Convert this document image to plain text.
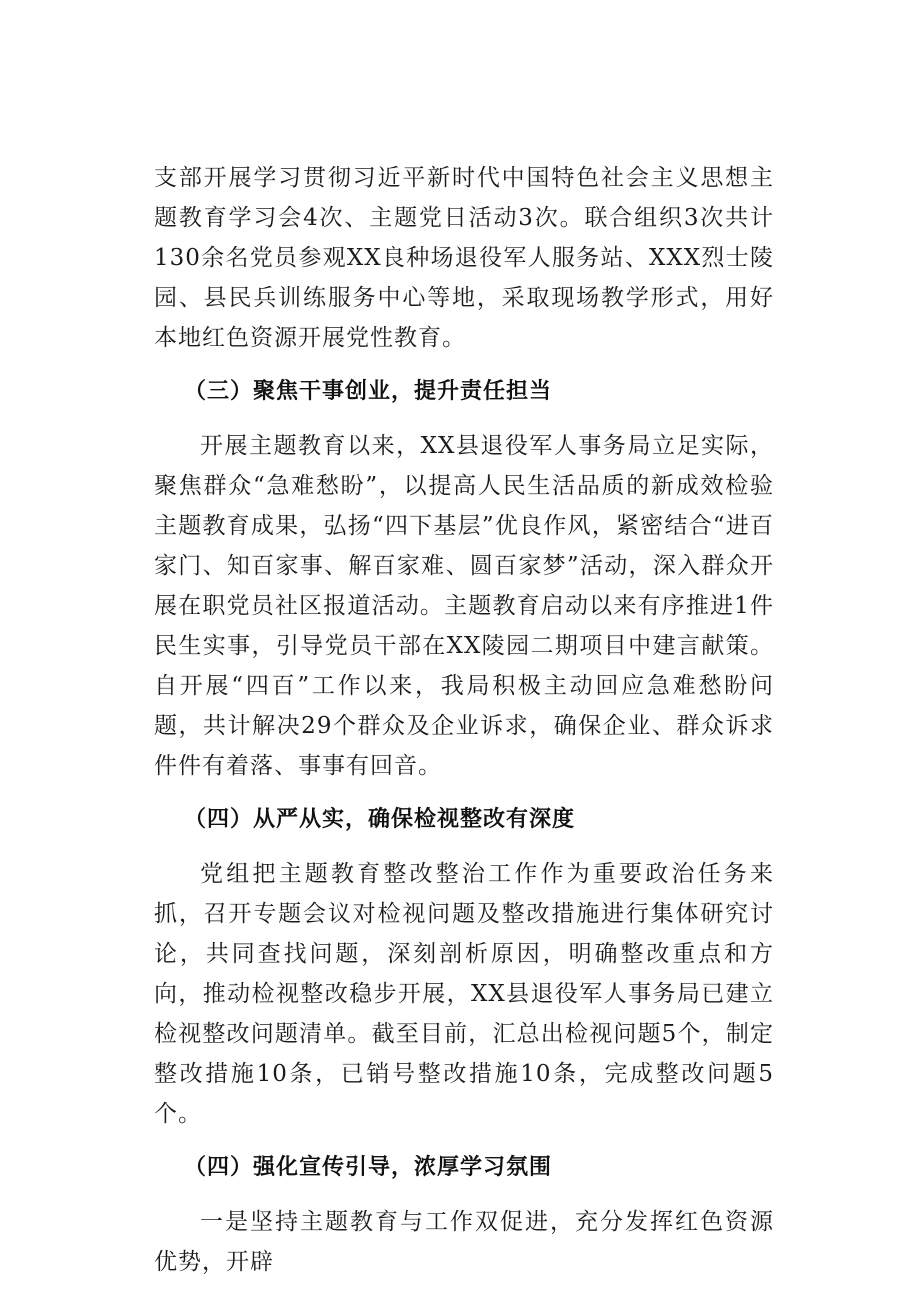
支部开展学习贯彻习近平新时代中国特色社会主义思想主题教育学习会4次、主题党日活动3次。联合组织3次共计130余名党员参观XX良种场退役军人服务站、XXX烈士陵园、县民兵训练服务中心等地，采取现场教学形式，用好本地红色资源开展党性教育。

（三）聚焦干事创业，提升责任担当

开展主题教育以来，XX县退役军人事务局立足实际，聚焦群众“急难愁盼”，以提高人民生活品质的新成效检验主题教育成果，弘扬“四下基层”优良作风，紧密结合“进百家门、知百家事、解百家难、圆百家梦”活动，深入群众开展在职党员社区报道活动。主题教育启动以来有序推进1件民生实事，引导党员干部在XX陵园二期项目中建言献策。自开展“四百”工作以来，我局积极主动回应急难愁盼问题，共计解决29个群众及企业诉求，确保企业、群众诉求件件有着落、事事有回音。

（四）从严从实，确保检视整改有深度

党组把主题教育整改整治工作作为重要政治任务来抓，召开专题会议对检视问题及整改措施进行集体研究讨论，共同查找问题，深刻剖析原因，明确整改重点和方向，推动检视整改稳步开展，XX县退役军人事务局已建立检视整改问题清单。截至目前，汇总出检视问题5个，制定整改措施10条，已销号整改措施10条，完成整改问题5个。

（四）强化宣传引导，浓厚学习氛围

一是坚持主题教育与工作双促进，充分发挥红色资源优势，开辟
